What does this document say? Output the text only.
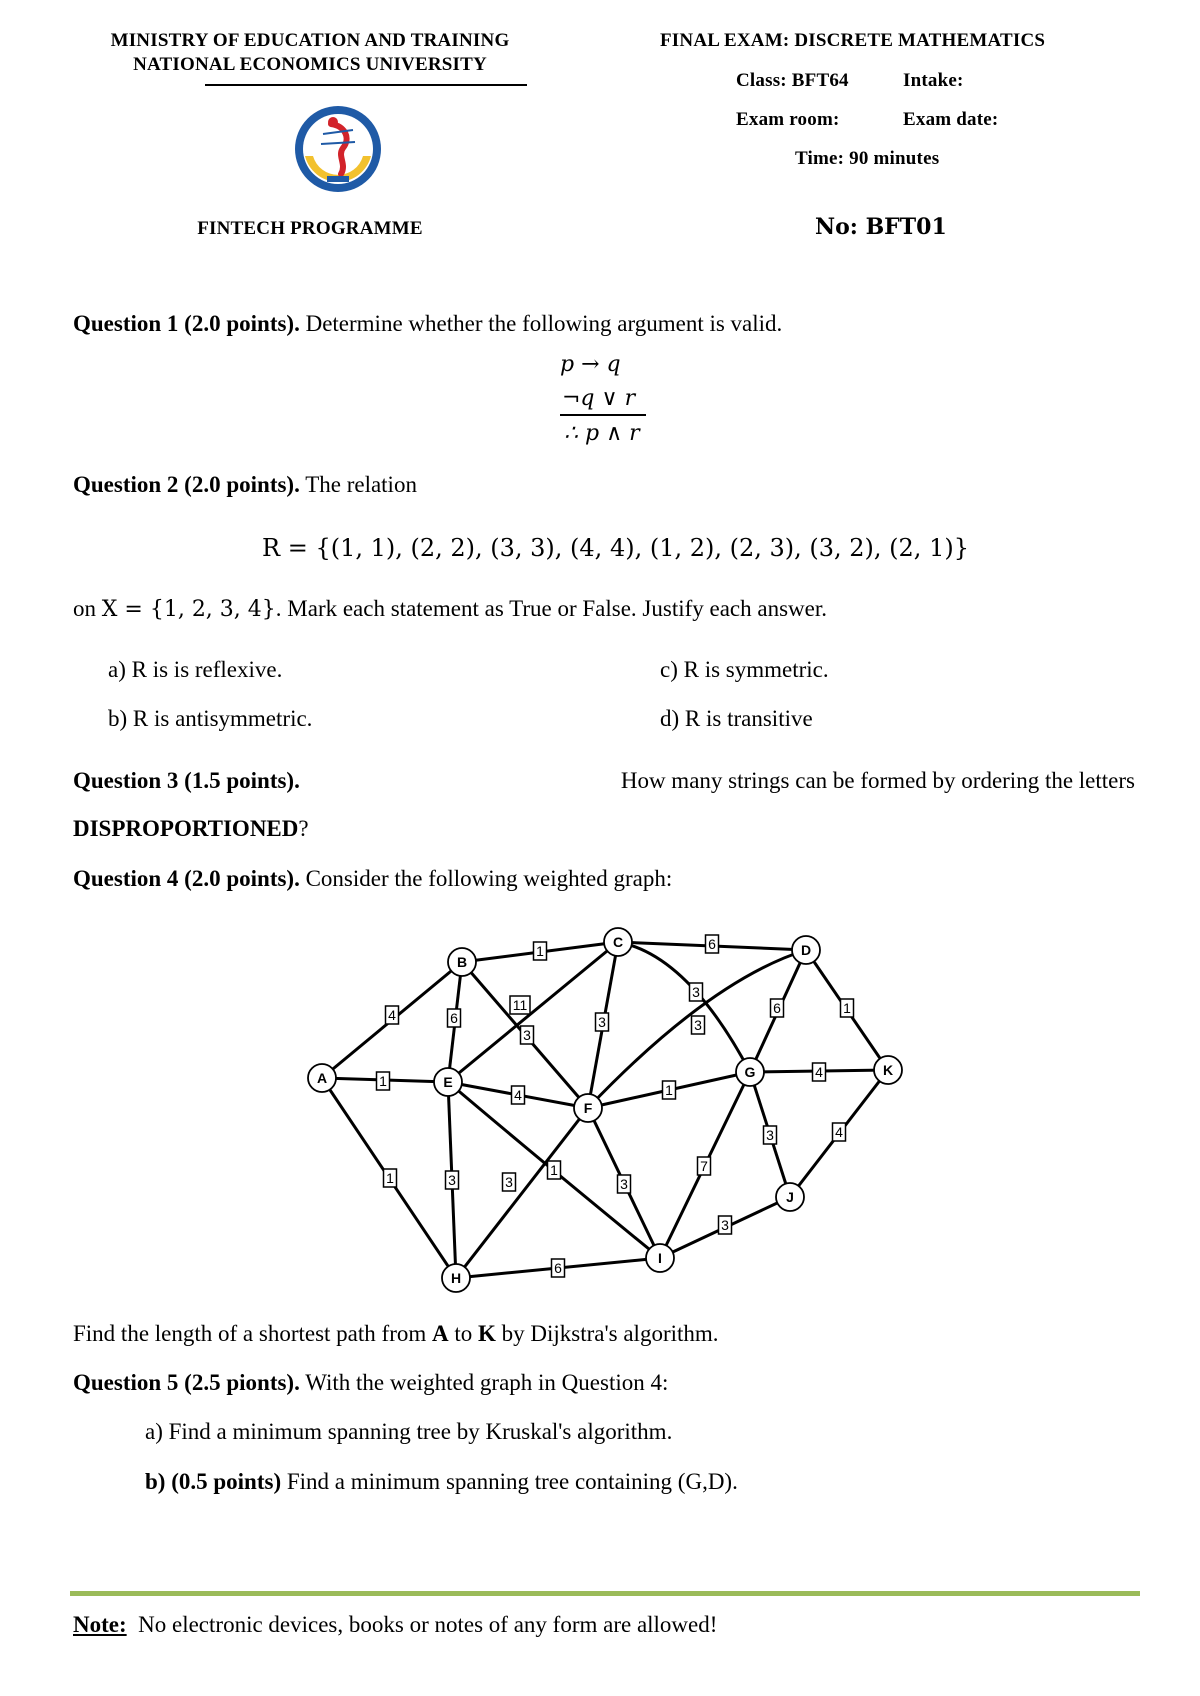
MINISTRY OF EDUCATION AND TRAINING
NATIONAL ECONOMICS UNIVERSITY
FINTECH PROGRAMME
FINAL EXAM: DISCRETE MATHEMATICS
Class: BFT64	Intake:
Exam room:	Exam date:
Time: 90 minutes
No: BFT01
Question 1 (2.0 points). Determine whether the following argument is valid.
p → q
¬q ∨ r
∴ p ∧ r
Question 2 (2.0 points). The relation
R = {(1, 1), (2, 2), (3, 3), (4, 4), (1, 2), (2, 3), (3, 2), (2, 1)}
on X = {1, 2, 3, 4}. Mark each statement as True or False. Justify each answer.
a) R is is reflexive.
b) R is antisymmetric.
c) R is symmetric.
d) R is transitive
Question 3 (1.5 points).	How many strings can be formed by ordering the letters
DISPROPORTIONED?
Question 4 (2.0 points). Consider the following weighted graph:
4
1
1
1
6
3
11
3
6
3
3
6	1
4
3
1
3	3
1
4
3
7
4
3
6
A
B
C	D
E
F
G
H
I
J
K
Find the length of a shortest path from A to K by Dijkstra's algorithm.
Question 5 (2.5 pionts). With the weighted graph in Question 4:
a) Find a minimum spanning tree by Kruskal's algorithm.
b) (0.5 points) Find a minimum spanning tree containing (G,D).
Note: No electronic devices, books or notes of any form are allowed!
